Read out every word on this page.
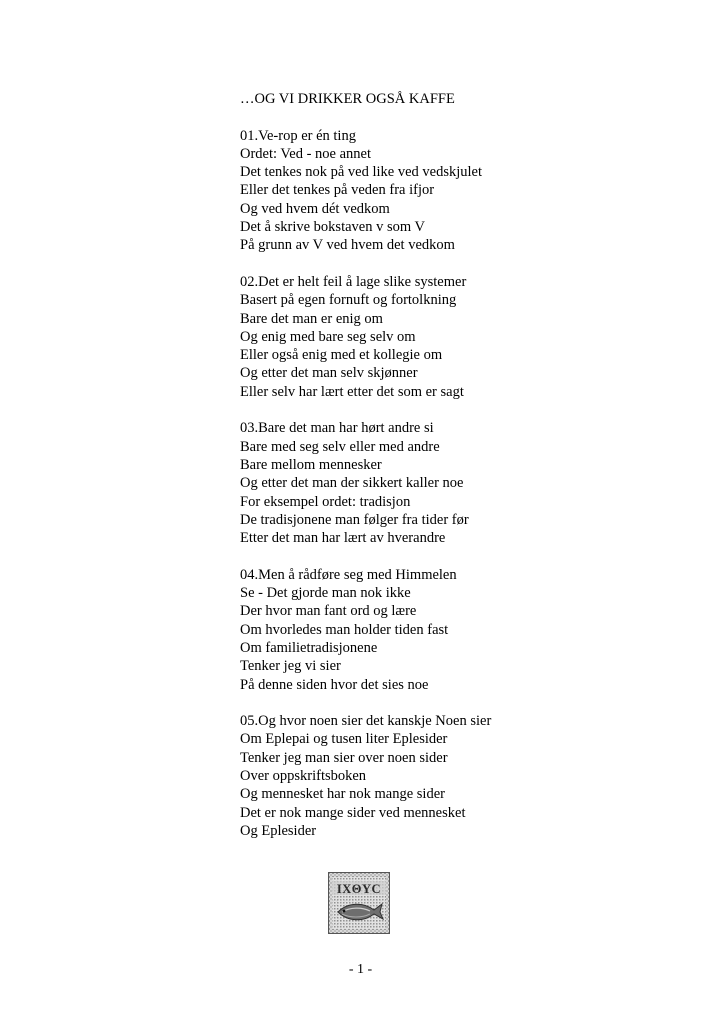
…OG VI DRIKKER OGSÅ KAFFE
01.Ve-rop er én ting
Ordet: Ved - noe annet
Det tenkes nok på ved like ved vedskjulet
Eller det tenkes på veden fra ifjor
Og ved hvem dét vedkom
Det å skrive bokstaven v som V
På grunn av V ved hvem det vedkom
02.Det er helt feil å lage slike systemer
Basert på egen fornuft og fortolkning
Bare det man er enig om
Og enig med bare seg selv om
Eller også enig med et kollegie om
Og etter det man selv skjønner
Eller selv har lært etter det som er sagt
03.Bare det man har hørt andre si
Bare med seg selv eller med andre
Bare mellom mennesker
Og etter det man der sikkert kaller noe
For eksempel ordet: tradisjon
De tradisjonene man følger fra tider før
Etter det man har lært av hverandre
04.Men å rådføre seg med Himmelen
Se - Det gjorde man nok ikke
Der hvor man fant ord og lære
Om hvorledes man holder tiden fast
Om familietradisjonene
Tenker jeg vi sier
På denne siden hvor det sies noe
05.Og hvor noen sier det kanskje Noen sier
Om Eplepai og tusen liter Eplesider
Tenker jeg man sier over noen sider
Over oppskriftsboken
Og mennesket har nok mange sider
Det er nok mange sider ved mennesket
Og Eplesider
IXΘYC
- 1 -
